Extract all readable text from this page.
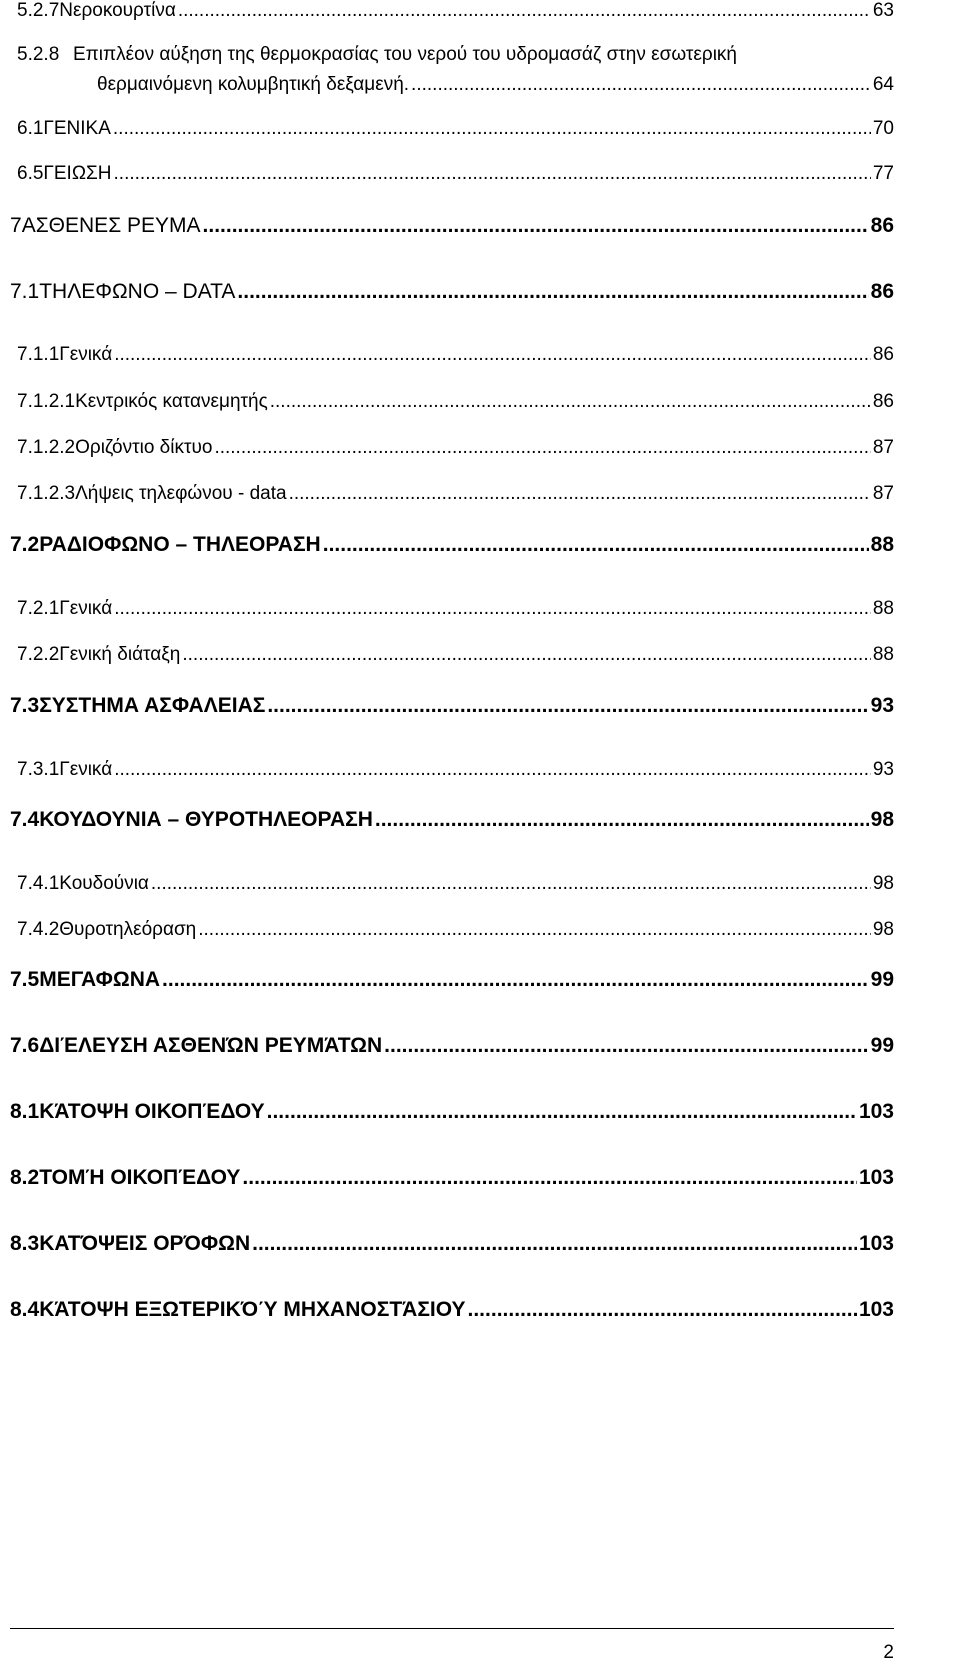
5.2.7 Νεροκουρτίνα .....	63
5.2.8 Επιπλέον αύξηση της θερμοκρασίας του νερού του υδρομασάζ στην εσωτερική
θερμαινόμενη κολυμβητική δεξαμενή. .....	64
6.1 ΓΕΝΙΚΑ .....	70
6.5 ΓΕΙΩΣΗ .....	77
7 ΑΣΘΕΝΕΣ ΡΕΥΜΑ .....	86
7.1 ΤΗΛΕΦΩΝΟ – DATA .....	86
7.1.1 Γενικά .....	86
7.1.2.1 Κεντρικός κατανεμητής .....	86
7.1.2.2 Οριζόντιο δίκτυο .....	87
7.1.2.3 Λήψεις τηλεφώνου - data .....	87
7.2 ΡΑΔΙΟΦΩΝΟ – ΤΗΛΕΟΡΑΣΗ .....	88
7.2.1 Γενικά .....	88
7.2.2 Γενική διάταξη .....	88
7.3 ΣΥΣΤΗΜΑ ΑΣΦΑΛΕΙΑΣ .....	93
7.3.1 Γενικά .....	93
7.4 ΚΟΥΔΟΥΝΙΑ – ΘΥΡΟΤΗΛΕΟΡΑΣΗ .....	98
7.4.1 Κουδούνια .....	98
7.4.2 Θυροτηλεόραση .....	98
7.5 ΜΕΓΑΦΩΝΑ .....	99
7.6 ΔΙΈΛΕΥΣΗ ΑΣΘΕΝΏΝ ΡΕΥΜΆΤΩΝ .....	99
8.1 ΚΆΤΟΨΗ ΟΙΚΟΠΈΔΟΥ .....	103
8.2 ΤΟΜΉ ΟΙΚΟΠΈΔΟΥ .....	103
8.3 ΚΑΤΌΨΕΙΣ ΟΡΌΦΩΝ .....	103
8.4 ΚΆΤΟΨΗ ΕΞΩΤΕΡΙΚΌΎ ΜΗΧΑΝΟΣΤΆΣΙΟΥ .....	103
2
